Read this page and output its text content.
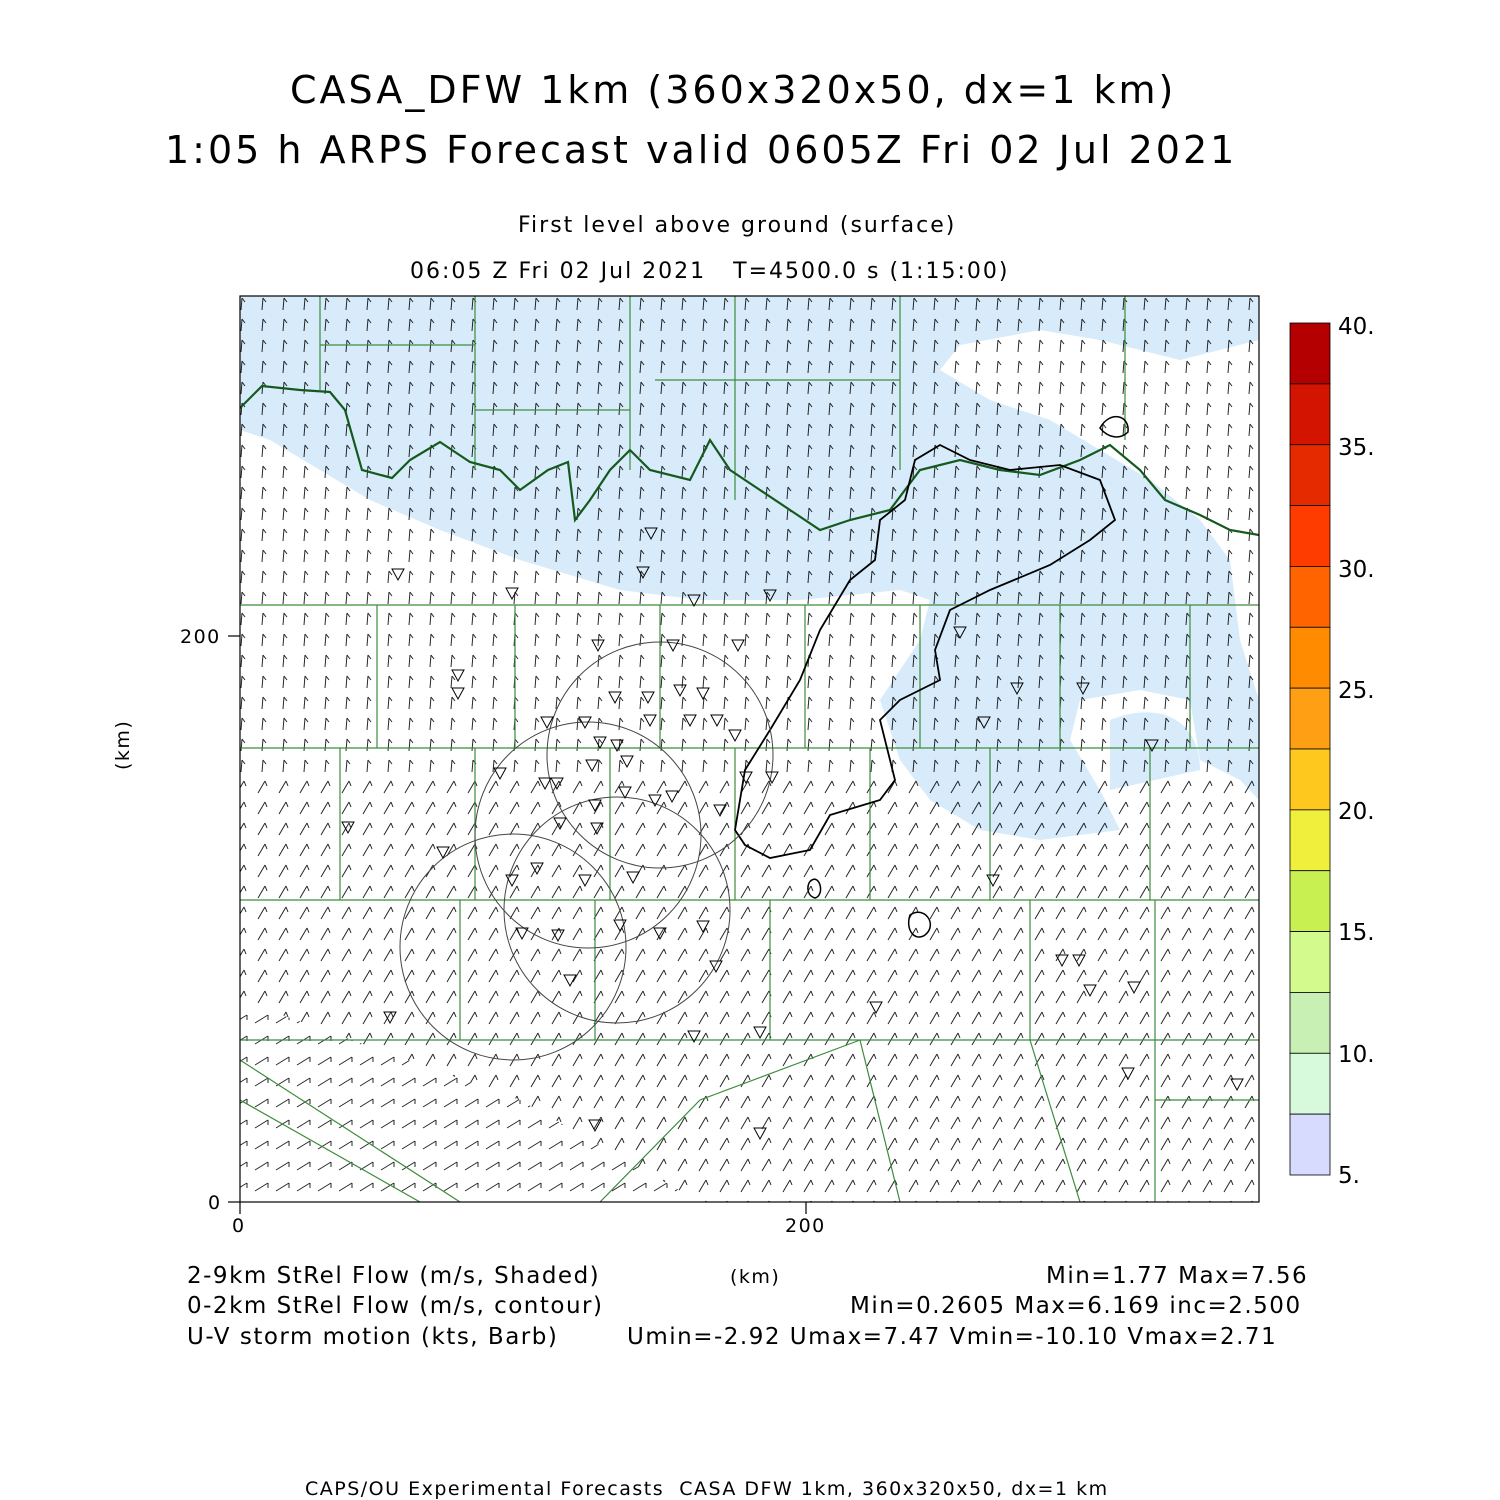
CASA_DFW 1km (360x320x50, dx=1 km)
1:05 h ARPS Forecast valid 0605Z Fri 02 Jul 2021
First level above ground (surface)
06:05 Z Fri 02 Jul 2021   T=4500.0 s (1:15:00)
200
0
0	200
(km)
40.
35.
30.
25.
20.
15.
10.
5.
2-9km StRel Flow (m/s, Shaded)	(km)	Min=1.77 Max=7.56
0-2km StRel Flow (m/s, contour)	Min=0.2605 Max=6.169 inc=2.500
U-V storm motion (kts, Barb)	Umin=-2.92 Umax=7.47 Vmin=-10.10 Vmax=2.71
CAPS/OU Experimental Forecasts  CASA DFW 1km, 360x320x50, dx=1 km
